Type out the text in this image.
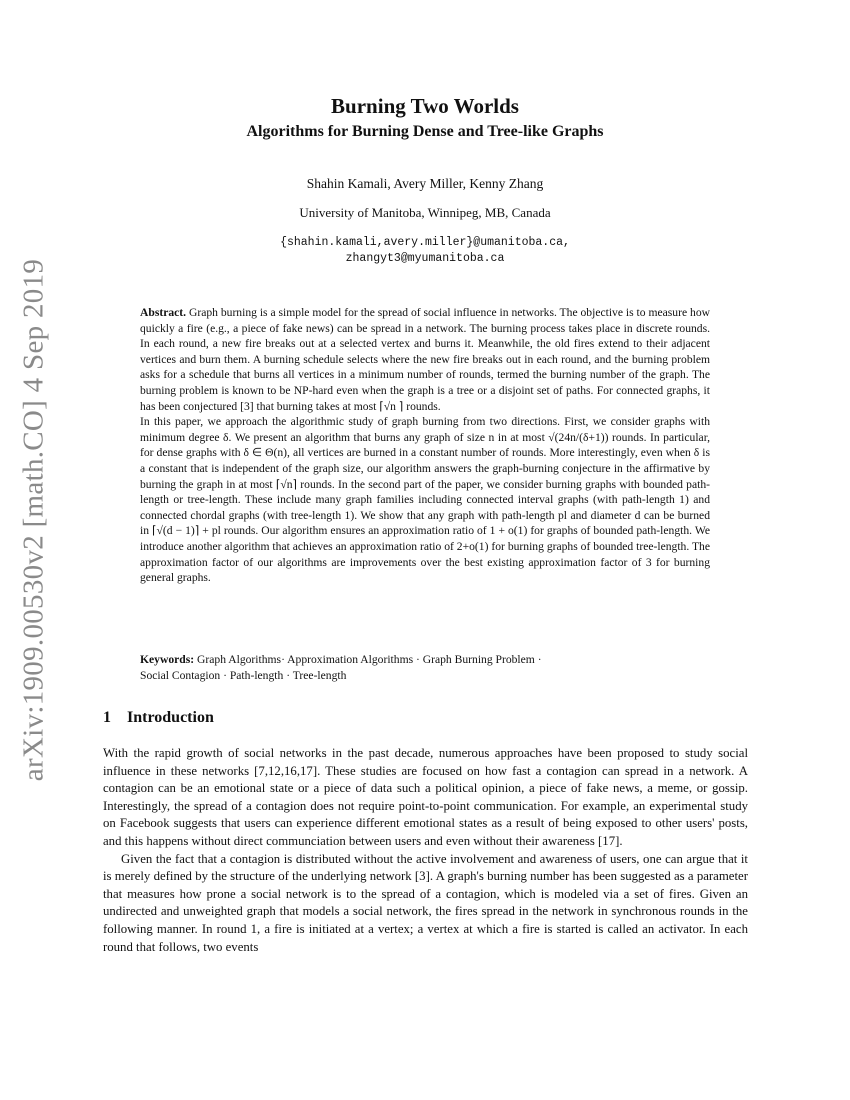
arXiv:1909.00530v2 [math.CO] 4 Sep 2019
Burning Two Worlds
Algorithms for Burning Dense and Tree-like Graphs
Shahin Kamali, Avery Miller, Kenny Zhang
University of Manitoba, Winnipeg, MB, Canada
{shahin.kamali,avery.miller}@umanitoba.ca,
zhangyt3@myumanitoba.ca

Abstract. Graph burning is a simple model for the spread of social influence in networks. The objective is to measure how quickly a fire (e.g., a piece of fake news) can be spread in a network. The burning process takes place in discrete rounds. In each round, a new fire breaks out at a selected vertex and burns it. Meanwhile, the old fires extend to their adjacent vertices and burn them. A burning schedule selects where the new fire breaks out in each round, and the burning problem asks for a schedule that burns all vertices in a minimum number of rounds, termed the burning number of the graph. The burning problem is known to be NP-hard even when the graph is a tree or a disjoint set of paths. For connected graphs, it has been conjectured [3] that burning takes at most ⌈√n ⌉ rounds.

In this paper, we approach the algorithmic study of graph burning from two directions. First, we consider graphs with minimum degree δ. We present an algorithm that burns any graph of size n in at most √(24n/(δ+1)) rounds. In particular, for dense graphs with δ ∈ Θ(n), all vertices are burned in a constant number of rounds. More interestingly, even when δ is a constant that is independent of the graph size, our algorithm answers the graph-burning conjecture in the affirmative by burning the graph in at most ⌈√n⌉ rounds. In the second part of the paper, we consider burning graphs with bounded path-length or tree-length. These include many graph families including connected interval graphs (with path-length 1) and connected chordal graphs (with tree-length 1). We show that any graph with path-length pl and diameter d can be burned in ⌈√(d − 1)⌉ + pl rounds. Our algorithm ensures an approximation ratio of 1 + o(1) for graphs of bounded path-length. We introduce another algorithm that achieves an approximation ratio of 2+o(1) for burning graphs of bounded tree-length. The approximation factor of our algorithms are improvements over the best existing approximation factor of 3 for burning general graphs.

Keywords: Graph Algorithms· Approximation Algorithms · Graph Burning Problem ·
Social Contagion · Path-length · Tree-length
1 Introduction

With the rapid growth of social networks in the past decade, numerous approaches have been proposed to study social influence in these networks [7,12,16,17]. These studies are focused on how fast a contagion can spread in a network. A contagion can be an emotional state or a piece of data such a political opinion, a piece of fake news, a meme, or gossip. Interestingly, the spread of a contagion does not require point-to-point communication. For example, an experimental study on Facebook suggests that users can experience different emotional states as a result of being exposed to other users' posts, and this happens without direct communciation between users and even without their awareness [17].

Given the fact that a contagion is distributed without the active involvement and awareness of users, one can argue that it is merely defined by the structure of the underlying network [3]. A graph's burning number has been suggested as a parameter that measures how prone a social network is to the spread of a contagion, which is modeled via a set of fires. Given an undirected and unweighted graph that models a social network, the fires spread in the network in synchronous rounds in the following manner. In round 1, a fire is initiated at a vertex; a vertex at which a fire is started is called an activator. In each round that follows, two events
